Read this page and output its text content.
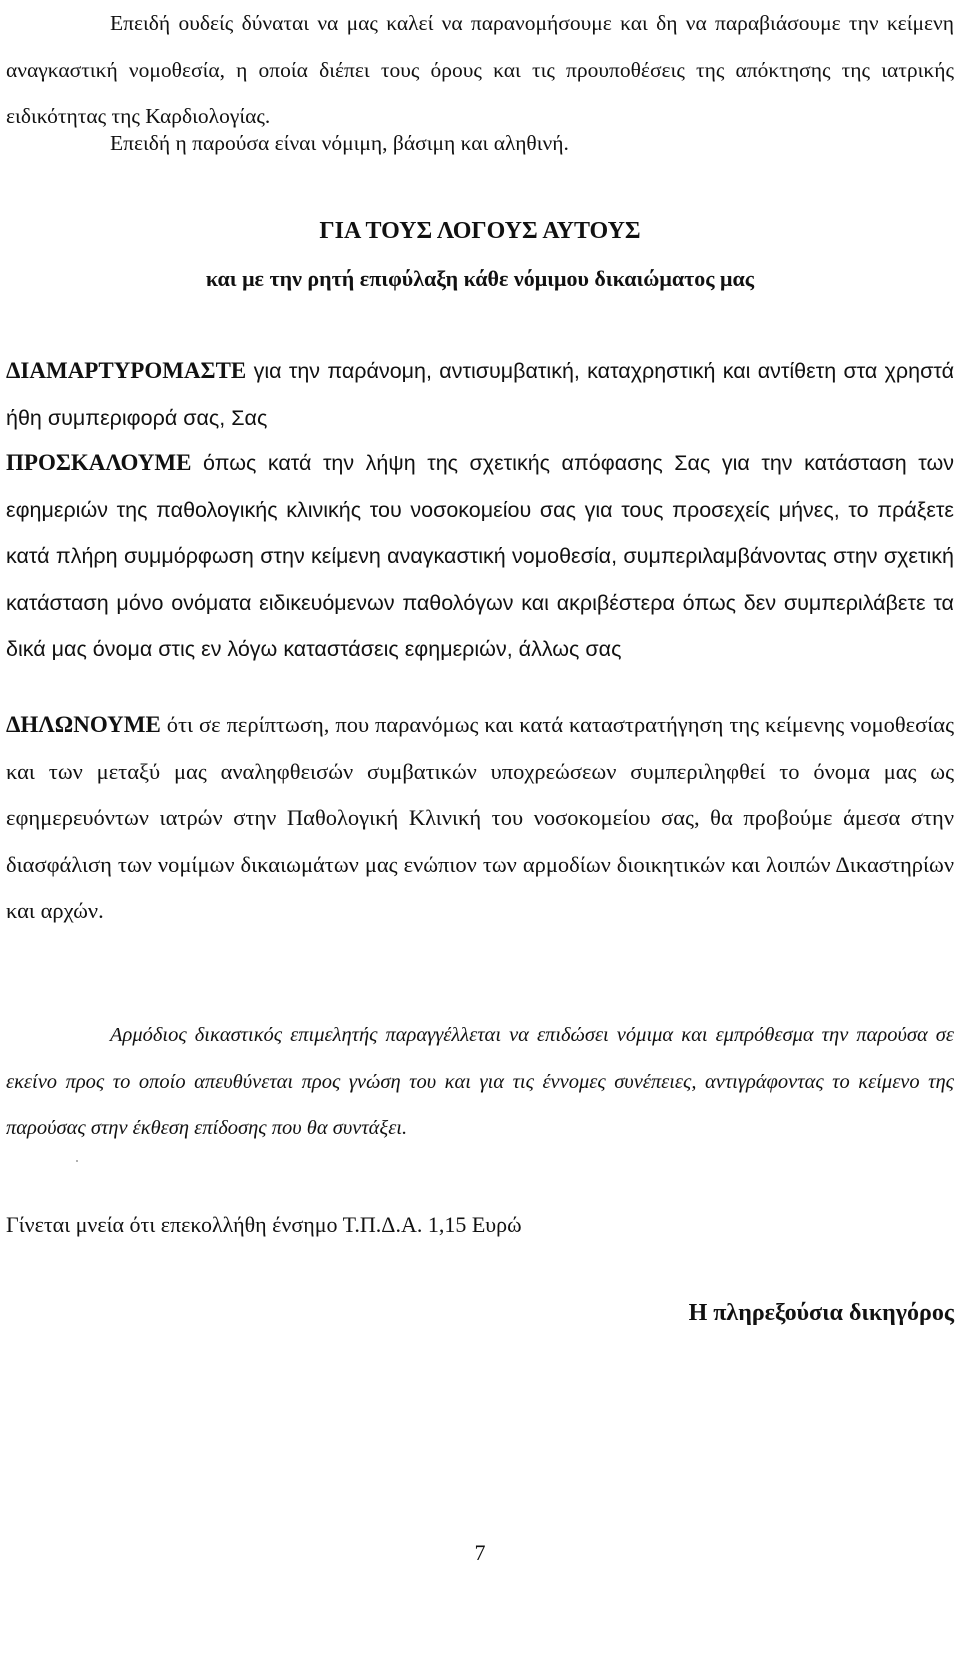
Επειδή ουδείς δύναται να μας καλεί να παρανομήσουμε και δη να παραβιάσουμε την κείμενη αναγκαστική νομοθεσία, η οποία διέπει τους όρους και τις προυποθέσεις της απόκτησης της ιατρικής ειδικότητας της Καρδιολογίας.

Επειδή η παρούσα είναι νόμιμη, βάσιμη και αληθινή.

ΓΙΑ ΤΟΥΣ ΛΟΓΟΥΣ ΑΥΤΟΥΣ

και με την ρητή επιφύλαξη κάθε νόμιμου δικαιώματος μας

ΔΙΑΜΑΡΤΥΡΟΜΑΣΤΕ για την παράνομη, αντισυμβατική, καταχρηστική και αντίθετη στα χρηστά ήθη συμπεριφορά σας, Σας

ΠΡΟΣΚΑΛΟΥΜΕ όπως κατά την λήψη της σχετικής απόφασης Σας για την κατάσταση των εφημεριών της παθολογικής κλινικής του νοσοκομείου σας για τους προσεχείς μήνες, το πράξετε κατά πλήρη συμμόρφωση στην κείμενη αναγκαστική νομοθεσία, συμπεριλαμβάνοντας στην σχετική κατάσταση μόνο ονόματα ειδικευόμενων παθολόγων και ακριβέστερα όπως δεν συμπεριλάβετε τα δικά μας όνομα στις εν λόγω καταστάσεις εφημεριών, άλλως σας

ΔΗΛΩΝΟΥΜΕ ότι σε περίπτωση, που παρανόμως και κατά καταστρατήγηση της κείμενης νομοθεσίας και των μεταξύ μας αναληφθεισών συμβατικών υποχρεώσεων συμπεριληφθεί το όνομα μας ως εφημερευόντων ιατρών στην Παθολογική Κλινική του νοσοκομείου σας, θα προβούμε άμεσα στην διασφάλιση των νομίμων δικαιωμάτων μας ενώπιον των αρμοδίων διοικητικών και λοιπών Δικαστηρίων και αρχών.

Αρμόδιος δικαστικός επιμελητής παραγγέλλεται να επιδώσει νόμιμα και εμπρόθεσμα την παρούσα σε εκείνο προς το οποίο απευθύνεται προς γνώση του και για τις έννομες συνέπειες, αντιγράφοντας το κείμενο της παρούσας στην έκθεση επίδοσης που θα συντάξει.

Γίνεται μνεία ότι επεκολλήθη ένσημο Τ.Π.Δ.Α. 1,15 Ευρώ

Η πληρεξούσια δικηγόρος

7
